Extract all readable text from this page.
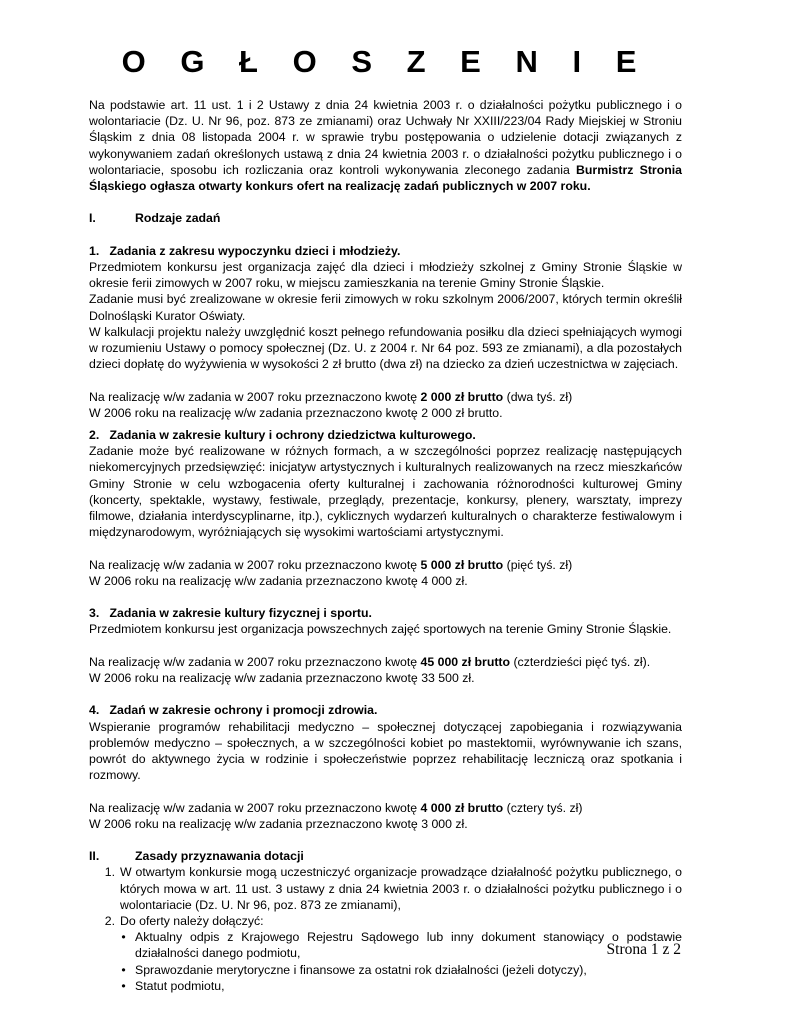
O G Ł O S Z E N I E

Na podstawie art. 11 ust. 1 i 2 Ustawy z dnia 24 kwietnia 2003 r. o działalności pożytku publicznego i o wolontariacie (Dz. U. Nr 96, poz. 873 ze zmianami) oraz Uchwały Nr XXIII/223/04 Rady Miejskiej w Stroniu Śląskim z dnia 08 listopada 2004 r. w sprawie trybu postępowania o udzielenie dotacji związanych z wykonywaniem zadań określonych ustawą z dnia 24 kwietnia 2003 r. o działalności pożytku publicznego i o wolontariacie, sposobu ich rozliczania oraz kontroli wykonywania zleconego zadania Burmistrz Stronia Śląskiego ogłasza otwarty konkurs ofert na realizację zadań publicznych w 2007 roku.

I.	Rodzaje zadań

1.   Zadania z zakresu wypoczynku dzieci i młodzieży.

Przedmiotem konkursu jest organizacja zajęć dla dzieci i młodzieży szkolnej z Gminy Stronie Śląskie w okresie ferii zimowych w 2007 roku, w miejscu zamieszkania na terenie Gminy Stronie Śląskie.

Zadanie musi być zrealizowane w okresie ferii zimowych w roku szkolnym 2006/2007, których termin określił Dolnośląski Kurator Oświaty.

W kalkulacji projektu należy uwzględnić koszt pełnego refundowania posiłku dla dzieci spełniających wymogi w rozumieniu Ustawy o pomocy społecznej (Dz. U. z 2004 r. Nr 64 poz. 593 ze zmianami), a dla pozostałych dzieci dopłatę do wyżywienia w wysokości 2 zł brutto (dwa zł) na dziecko za dzień uczestnictwa w zajęciach.

Na realizację w/w zadania w 2007 roku przeznaczono kwotę 2 000 zł brutto (dwa tyś. zł)

W 2006 roku na realizację w/w zadania przeznaczono kwotę 2 000 zł brutto.

2.   Zadania w zakresie kultury i ochrony dziedzictwa kulturowego.

Zadanie może być realizowane w różnych formach, a w szczególności poprzez realizację następujących niekomercyjnych przedsięwzięć: inicjatyw artystycznych i kulturalnych realizowanych na rzecz mieszkańców Gminy Stronie w celu wzbogacenia oferty kulturalnej i zachowania różnorodności kulturowej Gminy (koncerty, spektakle, wystawy, festiwale, przeglądy, prezentacje, konkursy, plenery, warsztaty, imprezy filmowe, działania interdyscyplinarne, itp.), cyklicznych wydarzeń kulturalnych o charakterze festiwalowym i międzynarodowym, wyróżniających się wysokimi wartościami artystycznymi.

Na realizację w/w zadania w 2007 roku przeznaczono kwotę 5 000 zł brutto (pięć tyś. zł)

W 2006 roku na realizację w/w zadania przeznaczono kwotę 4 000 zł.

3.   Zadania w zakresie kultury fizycznej i sportu.

Przedmiotem konkursu jest organizacja powszechnych zajęć sportowych na terenie Gminy Stronie Śląskie.

Na realizację w/w zadania w 2007 roku przeznaczono kwotę 45 000 zł brutto (czterdzieści pięć tyś. zł).

W 2006 roku na realizację w/w zadania przeznaczono kwotę 33 500 zł.

4.   Zadań w zakresie ochrony i promocji zdrowia.

Wspieranie programów rehabilitacji medyczno – społecznej dotyczącej zapobiegania i rozwiązywania problemów medyczno – społecznych, a w szczególności kobiet po mastektomii, wyrównywanie ich szans, powrót do aktywnego życia w rodzinie i społeczeństwie poprzez rehabilitację leczniczą oraz spotkania i rozmowy.

Na realizację w/w zadania w 2007 roku przeznaczono kwotę 4 000 zł brutto (cztery tyś. zł)

W 2006 roku na realizację w/w zadania przeznaczono kwotę 3 000 zł.

II.	Zasady przyznawania dotacji
1. W otwartym konkursie mogą uczestniczyć organizacje prowadzące działalność pożytku publicznego, o których mowa w art. 11 ust. 3 ustawy z dnia 24 kwietnia 2003 r. o działalności pożytku publicznego i o wolontariacie (Dz. U. Nr 96, poz. 873 ze zmianami),
2. Do oferty należy dołączyć:
• Aktualny odpis z Krajowego Rejestru Sądowego lub inny dokument stanowiący o podstawie działalności danego podmiotu,
• Sprawozdanie merytoryczne i finansowe za ostatni rok działalności (jeżeli dotyczy),
• Statut podmiotu,
Strona 1 z 2
